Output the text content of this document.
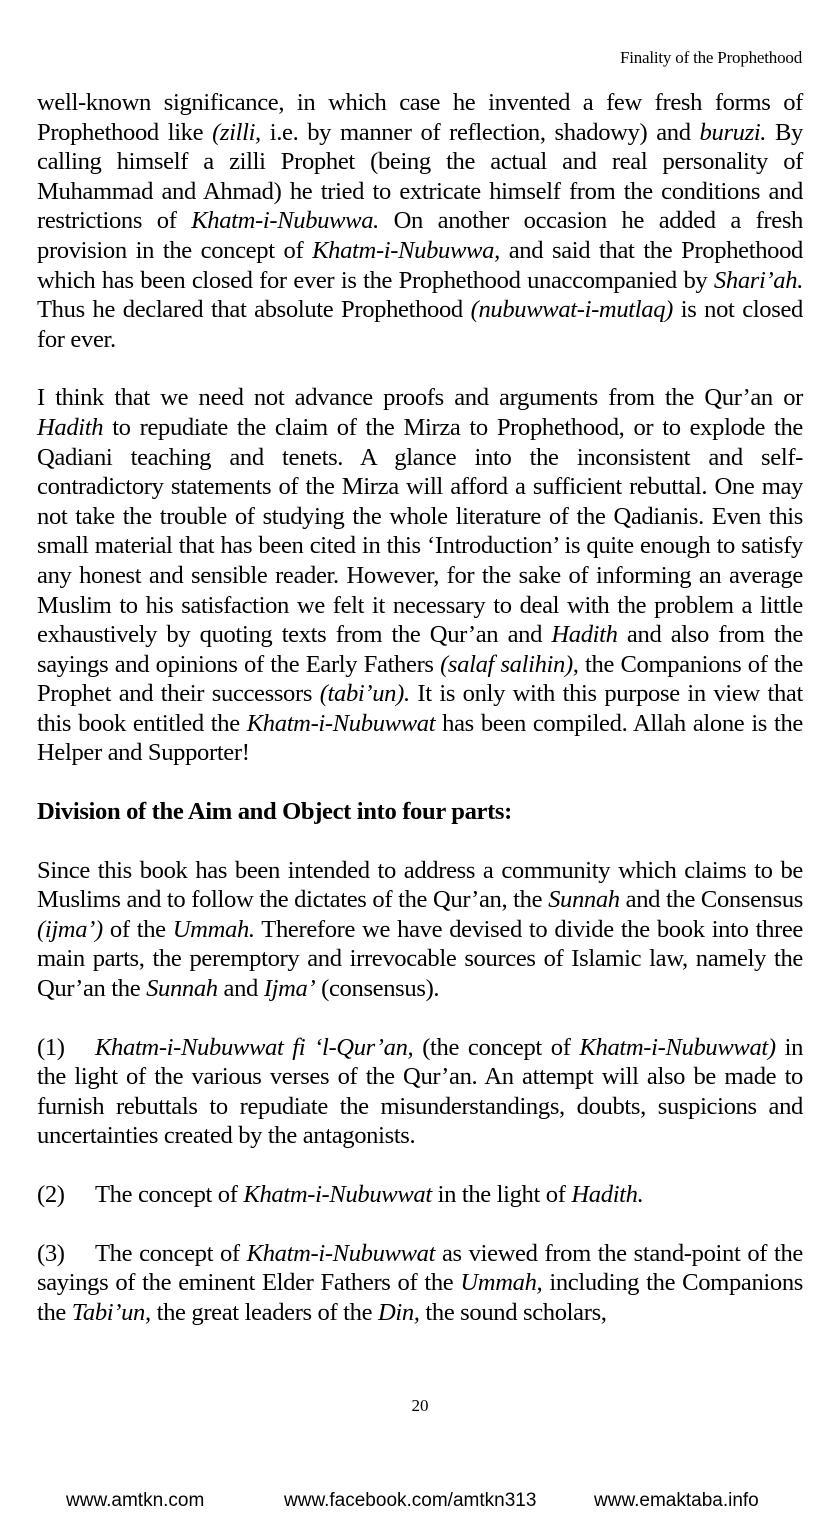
Finality of the Prophethood

well-known significance, in which case he invented a few fresh forms of Prophethood like (zilli, i.e. by manner of reflection, shadowy) and buruzi. By calling himself a zilli Prophet (being the actual and real personality of Muhammad and Ahmad) he tried to extricate himself from the conditions and restrictions of Khatm-i-Nubuwwa. On another occasion he added a fresh provision in the concept of Khatm-i-Nubuwwa, and said that the Prophethood which has been closed for ever is the Prophethood unaccompanied by Shari’ah. Thus he declared that absolute Prophethood (nubuwwat-i-mutlaq) is not closed for ever.

I think that we need not advance proofs and arguments from the Qur’an or Hadith to repudiate the claim of the Mirza to Prophethood, or to explode the Qadiani teaching and tenets. A glance into the inconsistent and self-contradictory statements of the Mirza will afford a sufficient rebuttal. One may not take the trouble of studying the whole literature of the Qadianis. Even this small material that has been cited in this ‘Introduction’ is quite enough to satisfy any honest and sensible reader. However, for the sake of informing an average Muslim to his satisfaction we felt it necessary to deal with the problem a little exhaustively by quoting texts from the Qur’an and Hadith and also from the sayings and opinions of the Early Fathers (salaf salihin), the Companions of the Prophet and their successors (tabi’un). It is only with this purpose in view that this book entitled the Khatm-i-Nubuwwat has been compiled. Allah alone is the Helper and Supporter!

Division of the Aim and Object into four parts:

Since this book has been intended to address a community which claims to be Muslims and to follow the dictates of the Qur’an, the Sunnah and the Consensus (ijma’) of the Ummah. Therefore we have devised to divide the book into three main parts, the peremptory and irrevocable sources of Islamic law, namely the Qur’an the Sunnah and Ijma’ (consensus).

(1) Khatm-i-Nubuwwat fi ‘l-Qur’an, (the concept of Khatm-i-Nubuwwat) in the light of the various verses of the Qur’an. An attempt will also be made to furnish rebuttals to repudiate the misunderstandings, doubts, suspicions and uncertainties created by the antagonists.

(2) The concept of Khatm-i-Nubuwwat in the light of Hadith.

(3) The concept of Khatm-i-Nubuwwat as viewed from the stand-point of the sayings of the eminent Elder Fathers of the Ummah, including the Companions the Tabi’un, the great leaders of the Din, the sound scholars,

20
www.amtkn.com	www.facebook.com/amtkn313	www.emaktaba.info
